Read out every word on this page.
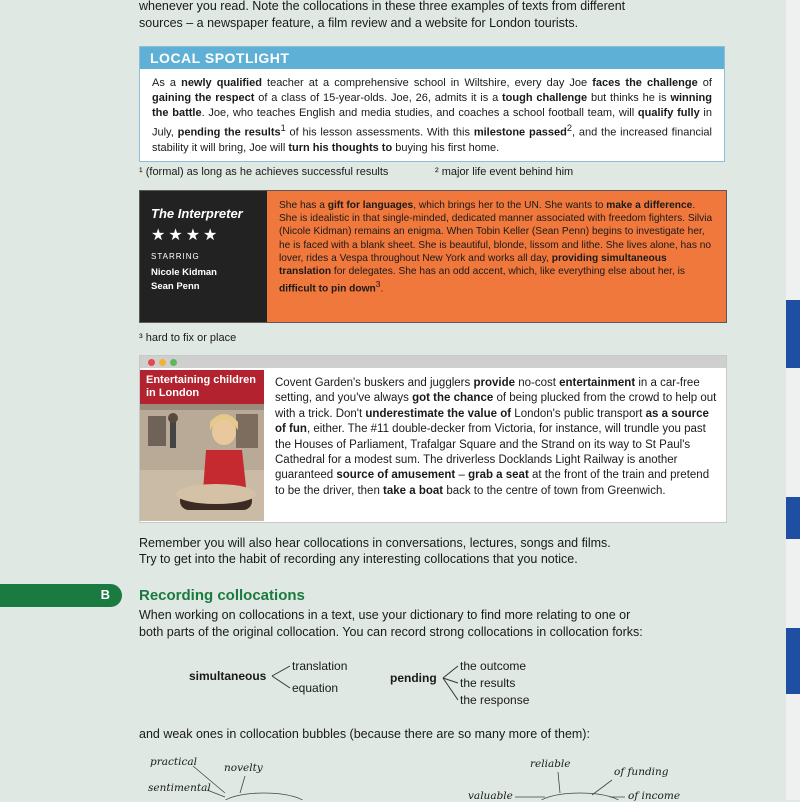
whenever you read. Note the collocations in these three examples of texts from different

sources – a newspaper feature, a film review and a website for London tourists.

LOCAL SPOTLIGHT
As a newly qualified teacher at a comprehensive school in Wiltshire, every day Joe faces the challenge of gaining the respect of a class of 15-year-olds. Joe, 26, admits it is a tough challenge but thinks he is winning the battle. Joe, who teaches English and media studies, and coaches a school football team, will qualify fully in July, pending the results$^1$ of his lesson assessments. With this milestone passed$^2$, and the increased financial stability it will bring, Joe will turn his thoughts to buying his first home.
¹ (formal) as long as he achieves successful results	² major life event behind him
The Interpreter
★★★★
STARRING
Nicole Kidman
Sean Penn
She has a gift for languages, which brings her to the UN. She wants to make a difference. She is idealistic in that single-minded, dedicated manner associated with freedom fighters. Silvia (Nicole Kidman) remains an enigma. When Tobin Keller (Sean Penn) begins to investigate her, he is faced with a blank sheet. She is beautiful, blonde, lissom and lithe. She lives alone, has no lover, rides a Vespa throughout New York and works all day, providing simultaneous translation for delegates. She has an odd accent, which, like everything else about her, is difficult to pin down$^3$.
³ hard to fix or place
Entertaining children in London
Covent Garden's buskers and jugglers provide no-cost entertainment in a car-free setting, and you've always got the chance of being plucked from the crowd to help out with a trick. Don't underestimate the value of London's public transport as a source of fun, either. The #11 double-decker from Victoria, for instance, will trundle you past the Houses of Parliament, Trafalgar Square and the Strand on its way to St Paul's Cathedral for a modest sum. The driverless Docklands Light Railway is another guaranteed source of amusement – grab a seat at the front of the train and pretend to be the driver, then take a boat back to the centre of town from Greenwich.

Remember you will also hear collocations in conversations, lectures, songs and films.

Try to get into the habit of recording any interesting collocations that you notice.

B Recording collocations

When working on collocations in a text, use your dictionary to find more relating to one or

both parts of the original collocation. You can record strong collocations in collocation forks:

simultaneous
translation
equation
pending
the outcome
the results
the response

and weak ones in collocation bubbles (because there are so many more of them):

practical	novelty
sentimental
reliable
of funding
valuable	of income
